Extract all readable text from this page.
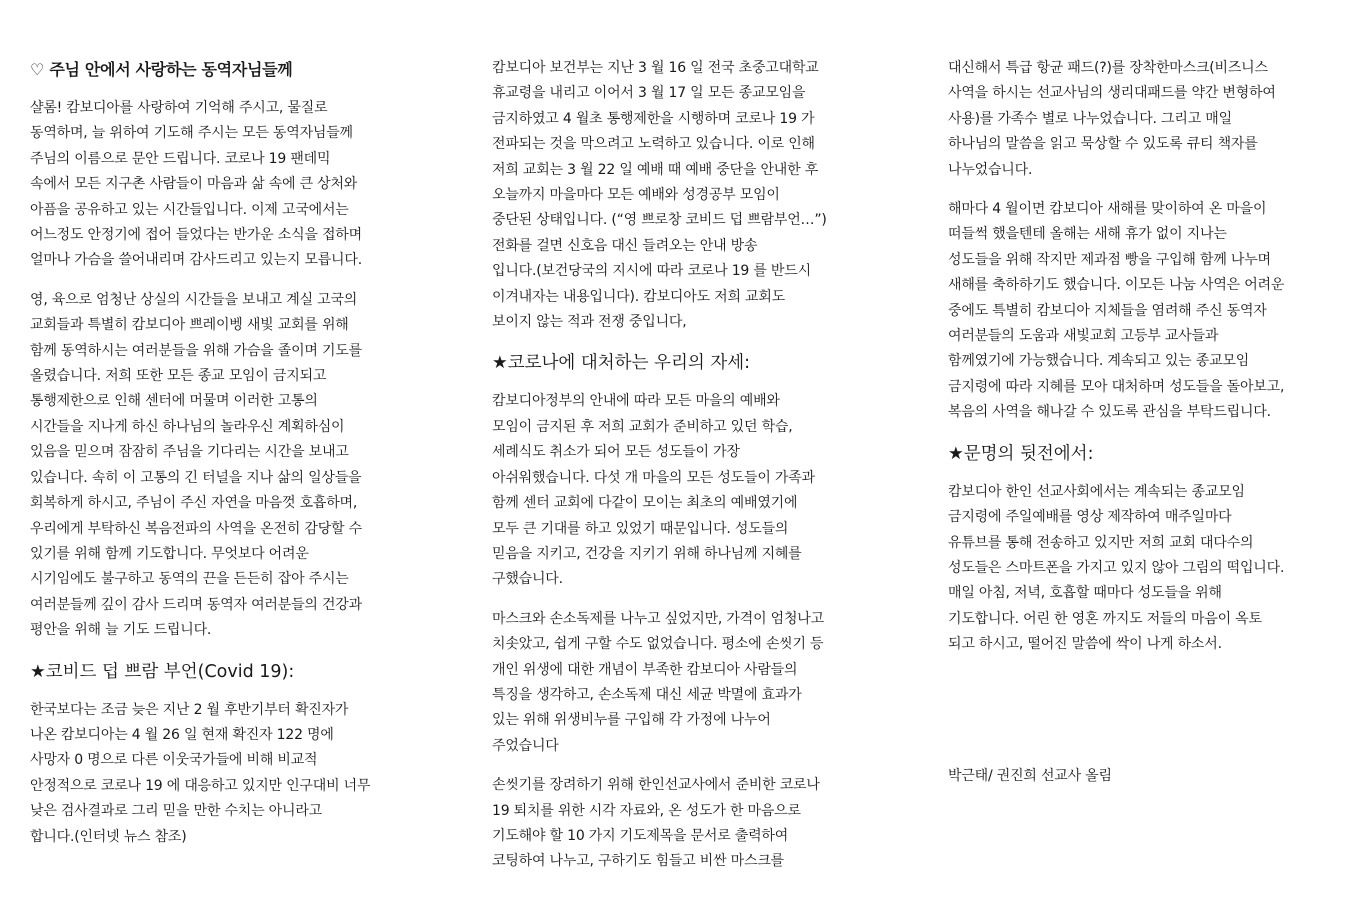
♡ 주님 안에서 사랑하는 동역자님들께
샬롬! 캄보디아를 사랑하여 기억해 주시고, 물질로
동역하며, 늘 위하여 기도해 주시는 모든 동역자님들께
주님의 이름으로 문안 드립니다. 코로나 19 팬데믹
속에서 모든 지구촌 사람들이 마음과 삶 속에 큰 상처와
아픔을 공유하고 있는 시간들입니다. 이제 고국에서는
어느정도 안정기에 접어 들었다는 반가운 소식을 접하며
얼마나 가슴을 쓸어내리며 감사드리고 있는지 모릅니다.
영, 육으로 엄청난 상실의 시간들을 보내고 계실 고국의
교회들과 특별히 캄보디아 쁘레이벵 새빛 교회를 위해
함께 동역하시는 여러분들을 위해 가슴을 졸이며 기도를
올렸습니다. 저희 또한 모든 종교 모임이 금지되고
통행제한으로 인해 센터에 머물며 이러한 고통의
시간들을 지나게 하신 하나님의 놀라우신 계획하심이
있음을 믿으며 잠잠히 주님을 기다리는 시간을 보내고
있습니다. 속히 이 고통의 긴 터널을 지나 삶의 일상들을
회복하게 하시고, 주님이 주신 자연을 마음껏 호흡하며,
우리에게 부탁하신 복음전파의 사역을 온전히 감당할 수
있기를 위해 함께 기도합니다. 무엇보다 어려운
시기임에도 불구하고 동역의 끈을 든든히 잡아 주시는
여러분들께 깊이 감사 드리며 동역자 여러분들의 건강과
평안을 위해 늘 기도 드립니다.
★코비드 덥 쁘람 부언(Covid 19):
한국보다는 조금 늦은 지난 2 월 후반기부터 확진자가
나온 캄보디아는 4 월 26 일 현재 확진자 122 명에
사망자 0 명으로 다른 이웃국가들에 비해 비교적
안정적으로 코로나 19 에 대응하고 있지만 인구대비 너무
낮은 검사결과로 그리 믿을 만한 수치는 아니라고
합니다.(인터넷 뉴스 참조)
캄보디아 보건부는 지난 3 월 16 일 전국 초중고대학교
휴교령을 내리고 이어서 3 월 17 일 모든 종교모임을
금지하였고 4 월초 통행제한을 시행하며 코로나 19 가
전파되는 것을 막으려고 노력하고 있습니다. 이로 인해
저희 교회는 3 월 22 일 예배 때 예배 중단을 안내한 후
오늘까지 마을마다 모든 예배와 성경공부 모임이
중단된 상태입니다. (“영 쁘로창 코비드 덥 쁘람부언…”)
전화를 걸면 신호음 대신 들려오는 안내 방송
입니다.(보건당국의 지시에 따라 코로나 19 를 반드시
이겨내자는 내용입니다). 캄보디아도 저희 교회도
보이지 않는 적과 전쟁 중입니다,
★코로나에 대처하는 우리의 자세:
캄보디아정부의 안내에 따라 모든 마을의 예배와
모임이 금지된 후 저희 교회가 준비하고 있던 학습,
세례식도 취소가 되어 모든 성도들이 가장
아쉬워했습니다. 다섯 개 마을의 모든 성도들이 가족과
함께 센터 교회에 다같이 모이는 최초의 예배였기에
모두 큰 기대를 하고 있었기 때문입니다. 성도들의
믿음을 지키고, 건강을 지키기 위해 하나님께 지혜를
구했습니다.
마스크와 손소독제를 나누고 싶었지만, 가격이 엄청나고
치솟았고, 쉽게 구할 수도 없었습니다. 평소에 손씻기 등
개인 위생에 대한 개념이 부족한 캄보디아 사람들의
특징을 생각하고, 손소독제 대신 세균 박멸에 효과가
있는 위해 위생비누를 구입해 각 가정에 나누어
주었습니다
손씻기를 장려하기 위해 한인선교사에서 준비한 코로나
19 퇴치를 위한 시각 자료와, 온 성도가 한 마음으로
기도해야 할 10 가지 기도제목을 문서로 출력하여
코팅하여 나누고, 구하기도 힘들고 비싼 마스크를
대신해서 특급 항균 패드(?)를 장착한마스크(비즈니스
사역을 하시는 선교사님의 생리대패드를 약간 변형하여
사용)를 가족수 별로 나누었습니다. 그리고 매일
하나님의 말씀을 읽고 묵상할 수 있도록 큐티 책자를
나누었습니다.
해마다 4 월이면 캄보디아 새해를 맞이하여 온 마을이
떠들썩 했을텐테 올해는 새해 휴가 없이 지나는
성도들을 위해 작지만 제과점 빵을 구입해 함께 나누며
새해를 축하하기도 했습니다. 이모든 나눔 사역은 어려운
중에도 특별히 캄보디아 지체들을 염려해 주신 동역자
여러분들의 도움과 새빛교회 고등부 교사들과
함께였기에 가능했습니다. 계속되고 있는 종교모임
금지령에 따라 지혜를 모아 대처하며 성도들을 돌아보고,
복음의 사역을 해나갈 수 있도록 관심을 부탁드립니다.
★문명의 뒷전에서:
캄보디아 한인 선교사회에서는 계속되는 종교모임
금지령에 주일예배를 영상 제작하여 매주일마다
유튜브를 통해 전송하고 있지만 저희 교회 대다수의
성도들은 스마트폰을 가지고 있지 않아 그림의 떡입니다.
매일 아침, 저녁, 호흡할 때마다 성도들을 위해
기도합니다. 어린 한 영혼 까지도 저들의 마음이 옥토
되고 하시고, 떨어진 말씀에 싹이 나게 하소서.
박근태/ 권진희 선교사 올림
